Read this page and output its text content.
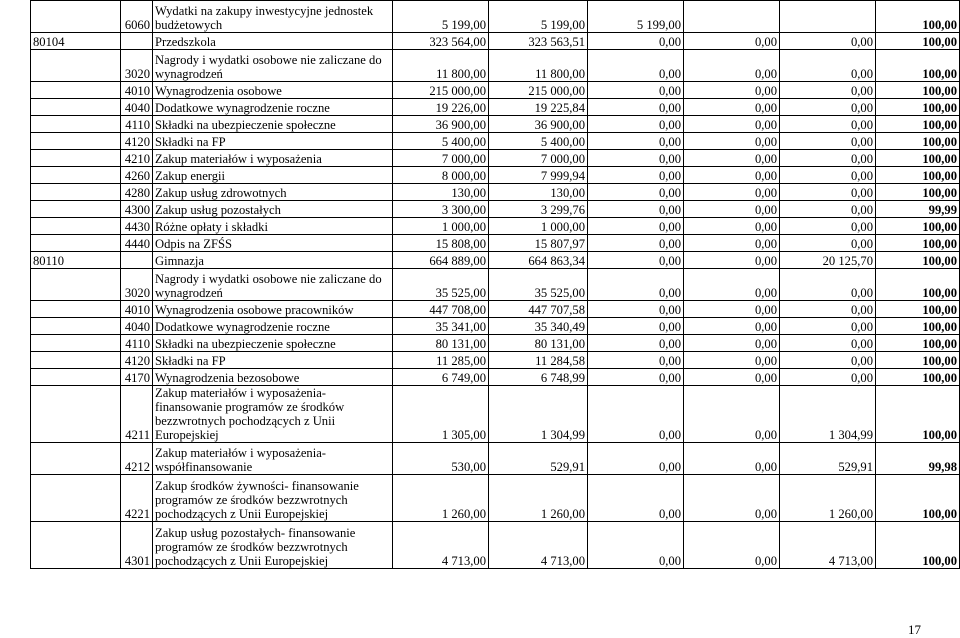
	6060	Wydatki na zakupy inwestycyjne jednostek budżetowych	5 199,00	5 199,00	5 199,00			100,00
80104		Przedszkola	323 564,00	323 563,51	0,00	0,00	0,00	100,00
	3020	Nagrody i wydatki osobowe nie zaliczane do wynagrodzeń	11 800,00	11 800,00	0,00	0,00	0,00	100,00
	4010	Wynagrodzenia osobowe	215 000,00	215 000,00	0,00	0,00	0,00	100,00
	4040	Dodatkowe wynagrodzenie roczne	19 226,00	19 225,84	0,00	0,00	0,00	100,00
	4110	Składki na ubezpieczenie społeczne	36 900,00	36 900,00	0,00	0,00	0,00	100,00
	4120	Składki na FP	5 400,00	5 400,00	0,00	0,00	0,00	100,00
	4210	Zakup materiałów i wyposażenia	7 000,00	7 000,00	0,00	0,00	0,00	100,00
	4260	Zakup energii	8 000,00	7 999,94	0,00	0,00	0,00	100,00
	4280	Zakup usług zdrowotnych	130,00	130,00	0,00	0,00	0,00	100,00
	4300	Zakup usług pozostałych	3 300,00	3 299,76	0,00	0,00	0,00	99,99
	4430	Różne opłaty i składki	1 000,00	1 000,00	0,00	0,00	0,00	100,00
	4440	Odpis na ZFŚS	15 808,00	15 807,97	0,00	0,00	0,00	100,00
80110		Gimnazja	664 889,00	664 863,34	0,00	0,00	20 125,70	100,00
	3020	Nagrody i wydatki osobowe nie zaliczane do wynagrodzeń	35 525,00	35 525,00	0,00	0,00	0,00	100,00
	4010	Wynagrodzenia osobowe pracowników	447 708,00	447 707,58	0,00	0,00	0,00	100,00
	4040	Dodatkowe wynagrodzenie roczne	35 341,00	35 340,49	0,00	0,00	0,00	100,00
	4110	Składki na ubezpieczenie społeczne	80 131,00	80 131,00	0,00	0,00	0,00	100,00
	4120	Składki na FP	11 285,00	11 284,58	0,00	0,00	0,00	100,00
	4170	Wynagrodzenia bezosobowe	6 749,00	6 748,99	0,00	0,00	0,00	100,00
	4211	Zakup materiałów i wyposażenia- finansowanie programów ze środków bezzwrotnych pochodzących z Unii Europejskiej	1 305,00	1 304,99	0,00	0,00	1 304,99	100,00
	4212	Zakup materiałów i wyposażenia- współfinansowanie	530,00	529,91	0,00	0,00	529,91	99,98
	4221	Zakup środków żywności- finansowanie programów ze środków bezzwrotnych pochodzących z Unii Europejskiej	1 260,00	1 260,00	0,00	0,00	1 260,00	100,00
	4301	Zakup usług pozostałych- finansowanie programów ze środków bezzwrotnych pochodzących z Unii Europejskiej	4 713,00	4 713,00	0,00	0,00	4 713,00	100,00
17
